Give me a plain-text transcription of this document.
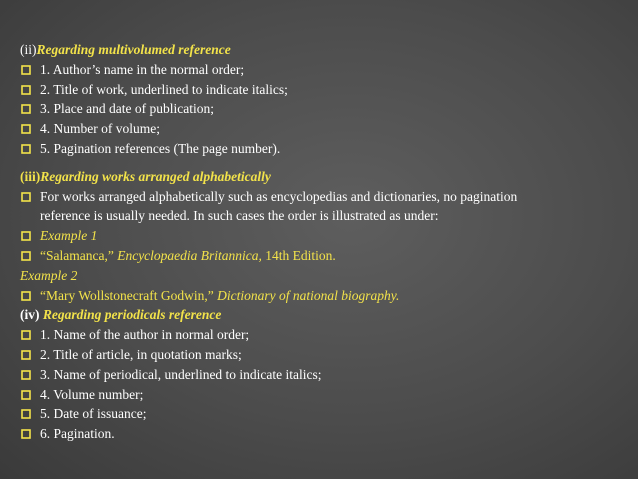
(ii)Regarding multivolumed reference
1. Author’s name in the normal order;
2. Title of work, underlined to indicate italics;
3. Place and date of publication;
4. Number of volume;
5. Pagination references (The page number).
(iii)Regarding works arranged alphabetically
For works arranged alphabetically such as encyclopedias and dictionaries, no pagination
reference is usually needed. In such cases the order is illustrated as under:
Example 1
“Salamanca,” Encyclopaedia Britannica, 14th Edition.
Example 2
“Mary Wollstonecraft Godwin,” Dictionary of national biography.
(iv) Regarding periodicals reference
1. Name of the author in normal order;
2. Title of article, in quotation marks;
3. Name of periodical, underlined to indicate italics;
4. Volume number;
5. Date of issuance;
6. Pagination.
